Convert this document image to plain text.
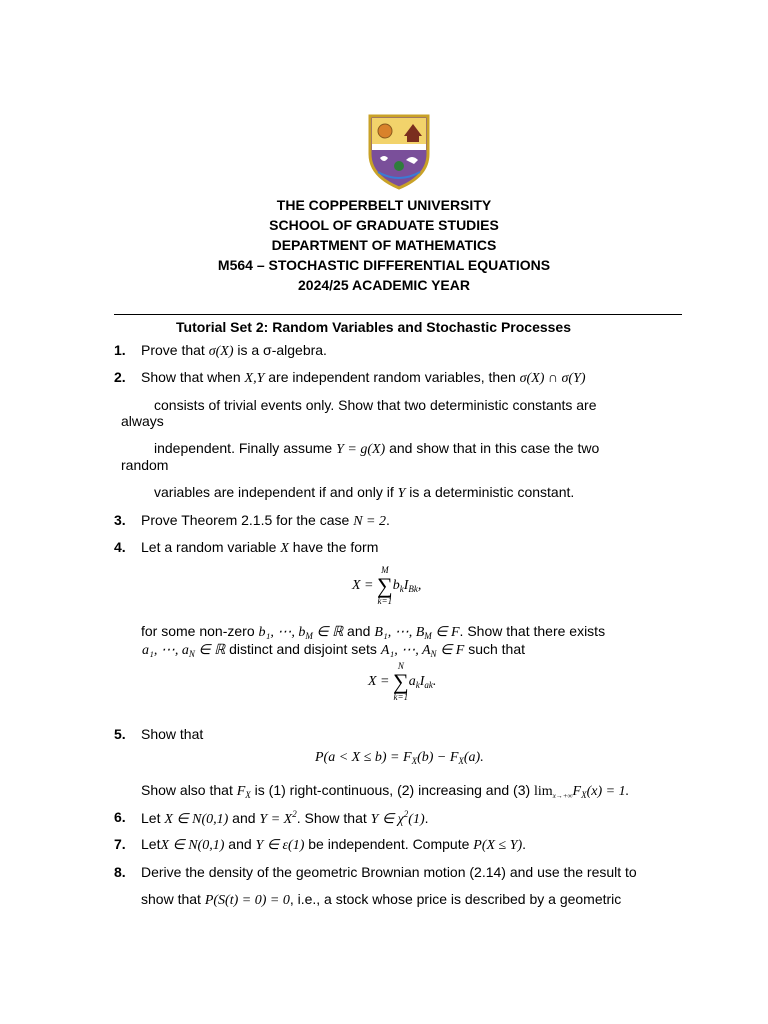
THE COPPERBELT UNIVERSITY
SCHOOL OF GRADUATE STUDIES
DEPARTMENT OF MATHEMATICS
M564 – STOCHASTIC DIFFERENTIAL EQUATIONS
2024/25 ACADEMIC YEAR
Tutorial Set 2: Random Variables and Stochastic Processes
1. Prove that σ(X) is a σ-algebra.
2. Show that when X,Y are independent random variables, then σ(X) ∩ σ(Y)
consists of trivial events only. Show that two deterministic constants are
always
independent. Finally assume Y = g(X) and show that in this case the two
random
variables are independent if and only if Y is a deterministic constant.
3. Prove Theorem 2.1.5 for the case N = 2.
4. Let a random variable X have the form
X =
M
∑
k=1
$b_kI_{Bk}$,
for some non-zero b₁, ⋯, $b_M$ ∈ ℝ and B₁, ⋯, $B_M$ ∈ F. Show that there exists
a₁, ⋯, $a_N$ ∈ ℝ distinct and disjoint sets A₁, ⋯, $A_N$ ∈ F such that
X =
N
∑
k=1
$a_kI_{ak}$.
5. Show that
$P(a < X \le b) = F_X(b) - F_X(a)$.
Show also that $F_X$ is (1) right-continuous, (2) increasing and (3) $\lim_{x\to+\infty}F_X(x) = 1$.
6. Let X ∈ N(0,1) and $Y = X^2$. Show that Y ∈ $\chi^2(1)$.
7. LetX ∈ N(0,1) and Y ∈ ε(1) be independent. Compute P(X ≤ Y).
8. Derive the density of the geometric Brownian motion (2.14) and use the result to
show that P(S(t) = 0) = 0, i.e., a stock whose price is described by a geometric
